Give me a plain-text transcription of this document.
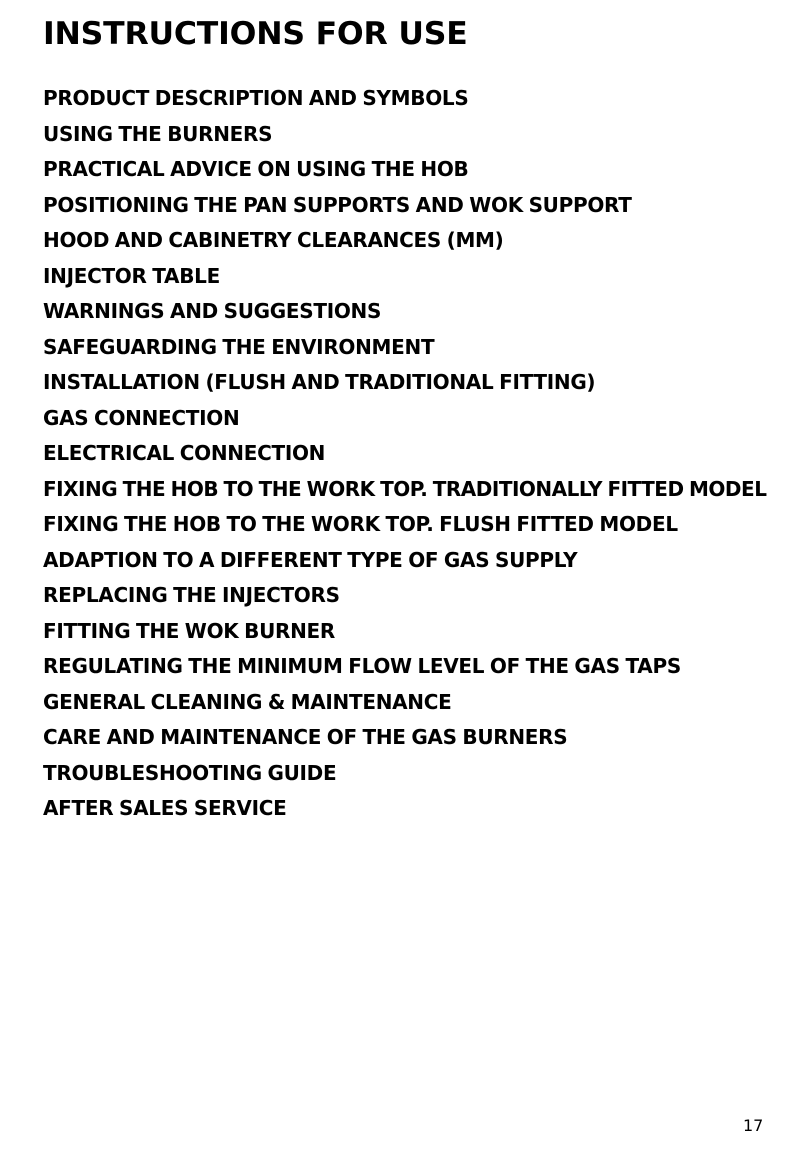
INSTRUCTIONS FOR USE
PRODUCT DESCRIPTION AND SYMBOLS
USING THE BURNERS
PRACTICAL ADVICE ON USING THE HOB
POSITIONING THE PAN SUPPORTS AND WOK SUPPORT
HOOD AND CABINETRY CLEARANCES (MM)
INJECTOR TABLE
WARNINGS AND SUGGESTIONS
SAFEGUARDING THE ENVIRONMENT
INSTALLATION (FLUSH AND TRADITIONAL FITTING)
GAS CONNECTION
ELECTRICAL CONNECTION
FIXING THE HOB TO THE WORK TOP. TRADITIONALLY FITTED MODEL
FIXING THE HOB TO THE WORK TOP. FLUSH FITTED MODEL
ADAPTION TO A DIFFERENT TYPE OF GAS SUPPLY
REPLACING THE INJECTORS
FITTING THE WOK BURNER
REGULATING THE MINIMUM FLOW LEVEL OF THE GAS TAPS
GENERAL CLEANING & MAINTENANCE
CARE AND MAINTENANCE OF THE GAS BURNERS
TROUBLESHOOTING GUIDE
AFTER SALES SERVICE
17
